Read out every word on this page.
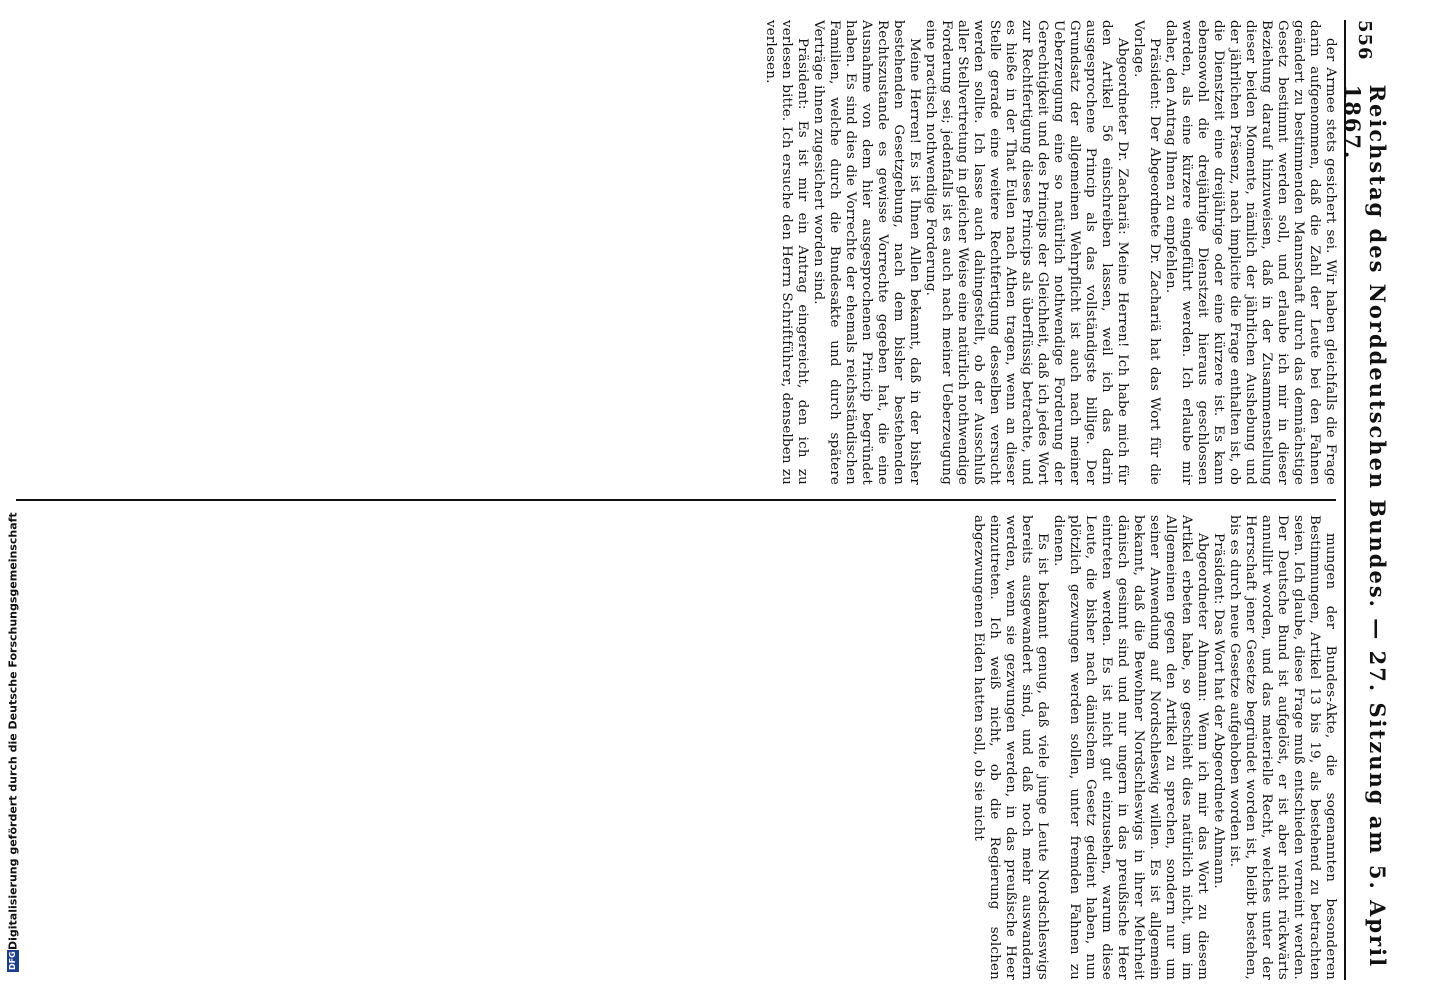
556
Reichstag des Norddeutschen Bundes. — 27. Sitzung am 5. April 1867.

der Armee stets gesichert sei. Wir haben gleichfalls die Frage darin aufgenommen, daß die Zahl der Leute bei den Fahnen geändert zu bestimmenden Mannschaft durch das demnächstige Gesetz bestimmt werden soll, und erlaube ich mir in dieser Beziehung darauf hinzuweisen, daß in der Zusammenstellung dieser beiden Momente, nämlich der jährlichen Aushebung und der jährlichen Präsenz, nach implicite die Frage enthalten ist, ob die Dienstzeit eine dreijährige oder eine kürzere ist. Es kann ebensowohl die dreijährige Dienstzeit hieraus geschlossen werden, als eine kürzere eingeführt werden. Ich erlaube mir daher, den Antrag Ihnen zu empfehlen.

Präsident: Der Abgeordnete Dr. Zachariä hat das Wort für die Vorlage.

Abgeordneter Dr. Zachariä: Meine Herren! Ich habe mich für den Artikel 56 einschreiben lassen, weil ich das darin ausgesprochene Princip als das vollständigste billige. Der Grundsatz der allgemeinen Wehrpflicht ist auch nach meiner Ueberzeugung eine so natürlich nothwendige Forderung der Gerechtigkeit und des Princips der Gleichheit, daß ich jedes Wort zur Rechtfertigung dieses Princips als überflüssig betrachte, und es hieße in der That Eulen nach Athen tragen, wenn an dieser Stelle gerade eine weitere Rechtfertigung desselben versucht werden sollte. Ich lasse auch dahingestellt, ob der Ausschluß aller Stellvertretung in gleicher Weise eine natürlich nothwendige Forderung sei; jedenfalls ist es auch nach meiner Ueberzeugung eine practisch nothwendige Forderung.

Meine Herren! Es ist Ihnen Allen bekannt, daß in der bisher bestehenden Gesetzgebung, nach dem bisher bestehenden Rechtszustande es gewisse Vorrechte gegeben hat, die eine Ausnahme von dem hier ausgesprochenen Princip begründet haben. Es sind dies die Vorrechte der ehemals reichsständischen Familien, welche durch die Bundesakte und durch spätere Verträge ihnen zugesichert worden sind.

Präsident: Es ist mir ein Antrag eingereicht, den ich zu verlesen bitte. Ich ersuche den Herrn Schriftführer, denselben zu verlesen.

mungen der Bundes-Akte, die sogenannten besonderen Bestimmungen, Artikel 13 bis 19, als bestehend zu betrachten seien. Ich glaube, diese Frage muß entschieden verneint werden. Der Deutsche Bund ist aufgelöst, er ist aber nicht rückwärts annullirt worden, und das materielle Recht, welches unter der Herrschaft jener Gesetze begründet worden ist, bleibt bestehen, bis es durch neue Gesetze aufgehoben worden ist.

Präsident: Das Wort hat der Abgeordnete Ahmann.

Abgeordneter Ahmann: Wenn ich mir das Wort zu diesem Artikel erbeten habe, so geschieht dies natürlich nicht, um im Allgemeinen gegen den Artikel zu sprechen, sondern nur um seiner Anwendung auf Nordschleswig willen. Es ist allgemein bekannt, daß die Bewohner Nordschleswigs in ihrer Mehrheit dänisch gesinnt sind und nur ungern in das preußische Heer eintreten werden. Es ist nicht gut einzusehen, warum diese Leute, die bisher nach dänischem Gesetz gedient haben, nun plötzlich gezwungen werden sollen, unter fremden Fahnen zu dienen.

Es ist bekannt genug, daß viele junge Leute Nordschleswigs bereits ausgewandert sind, und daß noch mehr auswandern werden, wenn sie gezwungen werden, in das preußische Heer einzutreten. Ich weiß nicht, ob die Regierung solchen abgezwungenen Eiden hatten soll, ob sie nicht

DFG
Digitalisierung gefördert durch die Deutsche Forschungsgemeinschaft
